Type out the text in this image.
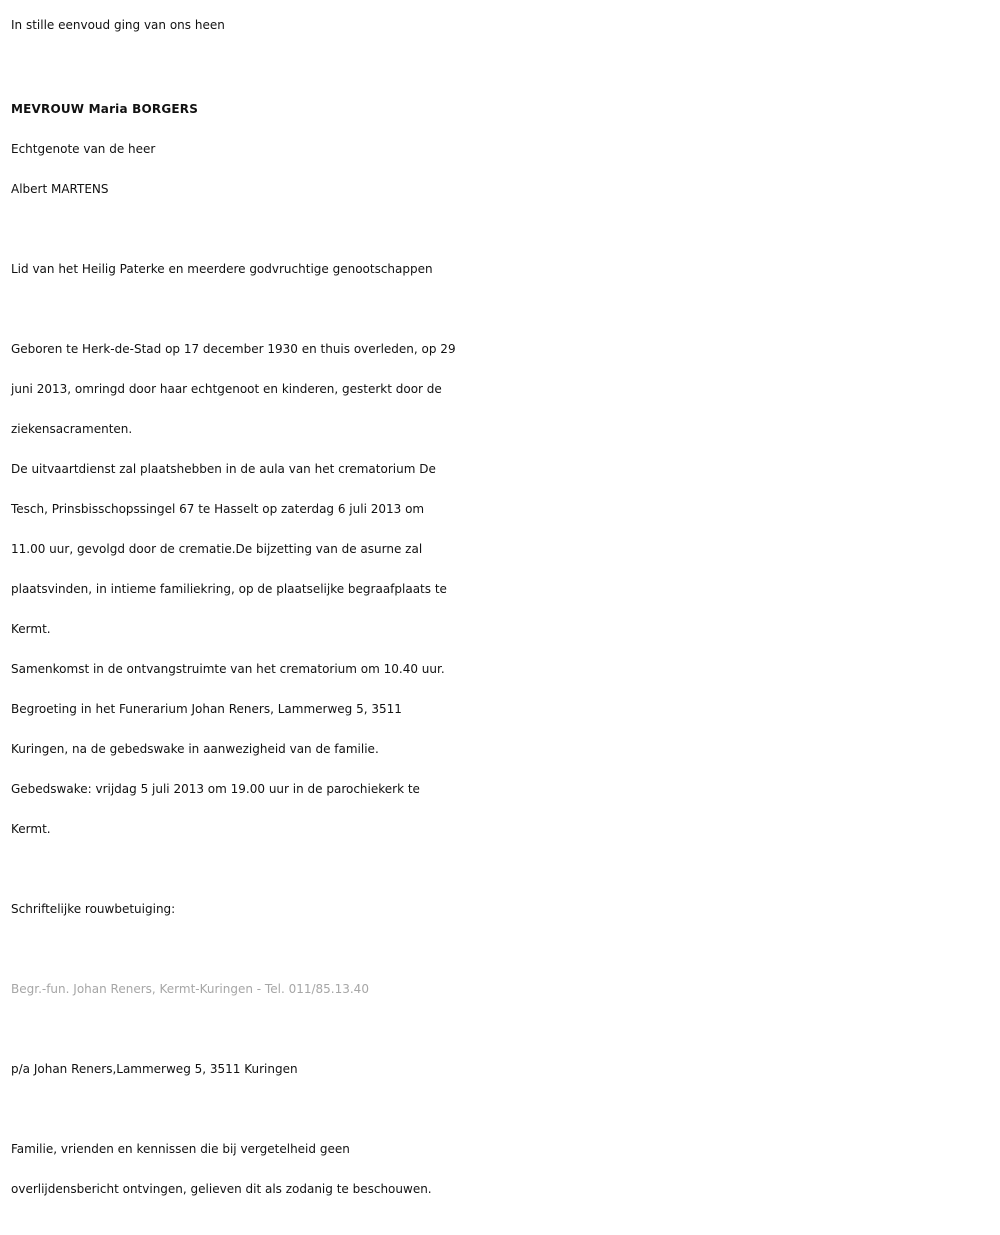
In stille eenvoud ging van ons heen
MEVROUW Maria BORGERS
Echtgenote van de heer
Albert MARTENS
Lid van het Heilig Paterke en meerdere godvruchtige genootschappen
Geboren te Herk-de-Stad op 17 december 1930 en thuis overleden, op 29
juni 2013, omringd door haar echtgenoot en kinderen, gesterkt door de
ziekensacramenten.
De uitvaartdienst zal plaatshebben in de aula van het crematorium De
Tesch, Prinsbisschopssingel 67 te Hasselt op zaterdag 6 juli 2013 om
11.00 uur, gevolgd door de crematie.De bijzetting van de asurne zal
plaatsvinden, in intieme familiekring, op de plaatselijke begraafplaats te
Kermt.
Samenkomst in de ontvangstruimte van het crematorium om 10.40 uur.
Begroeting in het Funerarium Johan Reners, Lammerweg 5, 3511
Kuringen, na de gebedswake in aanwezigheid van de familie.
Gebedswake: vrijdag 5 juli 2013 om 19.00 uur in de parochiekerk te
Kermt.
Schriftelijke rouwbetuiging:
Begr.-fun. Johan Reners, Kermt-Kuringen - Tel. 011/85.13.40
p/a Johan Reners,Lammerweg 5, 3511 Kuringen
Familie, vrienden en kennissen die bij vergetelheid geen
overlijdensbericht ontvingen, gelieven dit als zodanig te beschouwen.
